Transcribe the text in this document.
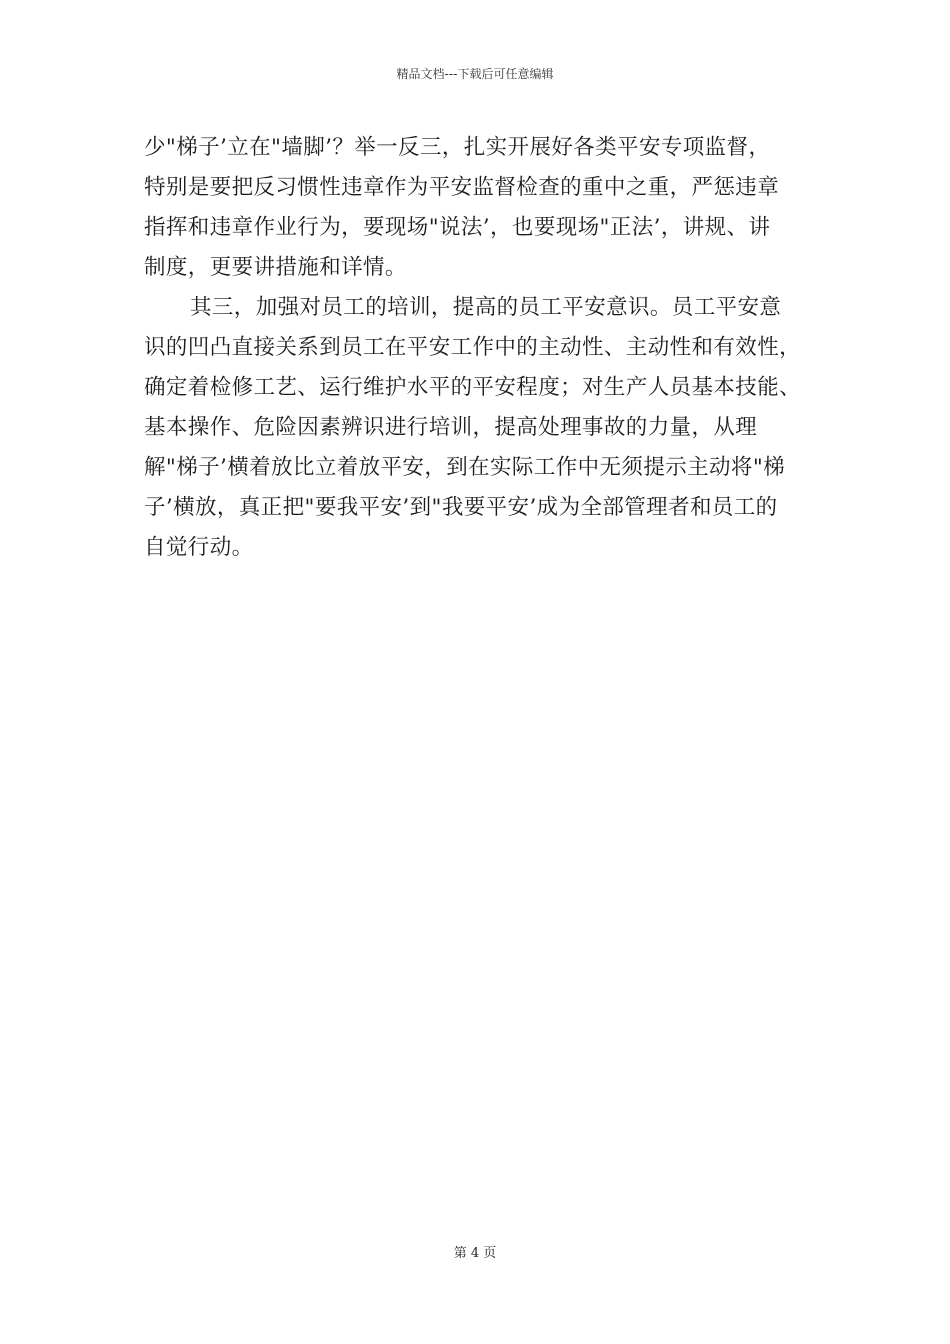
精品文档---下载后可任意编辑
少"梯子’立在"墙脚’？举一反三，扎实开展好各类平安专项监督，
特别是要把反习惯性违章作为平安监督检查的重中之重，严惩违章
指挥和违章作业行为，要现场"说法’，也要现场"正法’，讲规、讲
制度，更要讲措施和详情。
其三，加强对员工的培训，提高的员工平安意识。员工平安意
识的凹凸直接关系到员工在平安工作中的主动性、主动性和有效性，
确定着检修工艺、运行维护水平的平安程度；对生产人员基本技能、
基本操作、危险因素辨识进行培训，提高处理事故的力量，从理
解"梯子’横着放比立着放平安，到在实际工作中无须提示主动将"梯
子’横放，真正把"要我平安’到"我要平安’成为全部管理者和员工的
自觉行动。
第 4 页
